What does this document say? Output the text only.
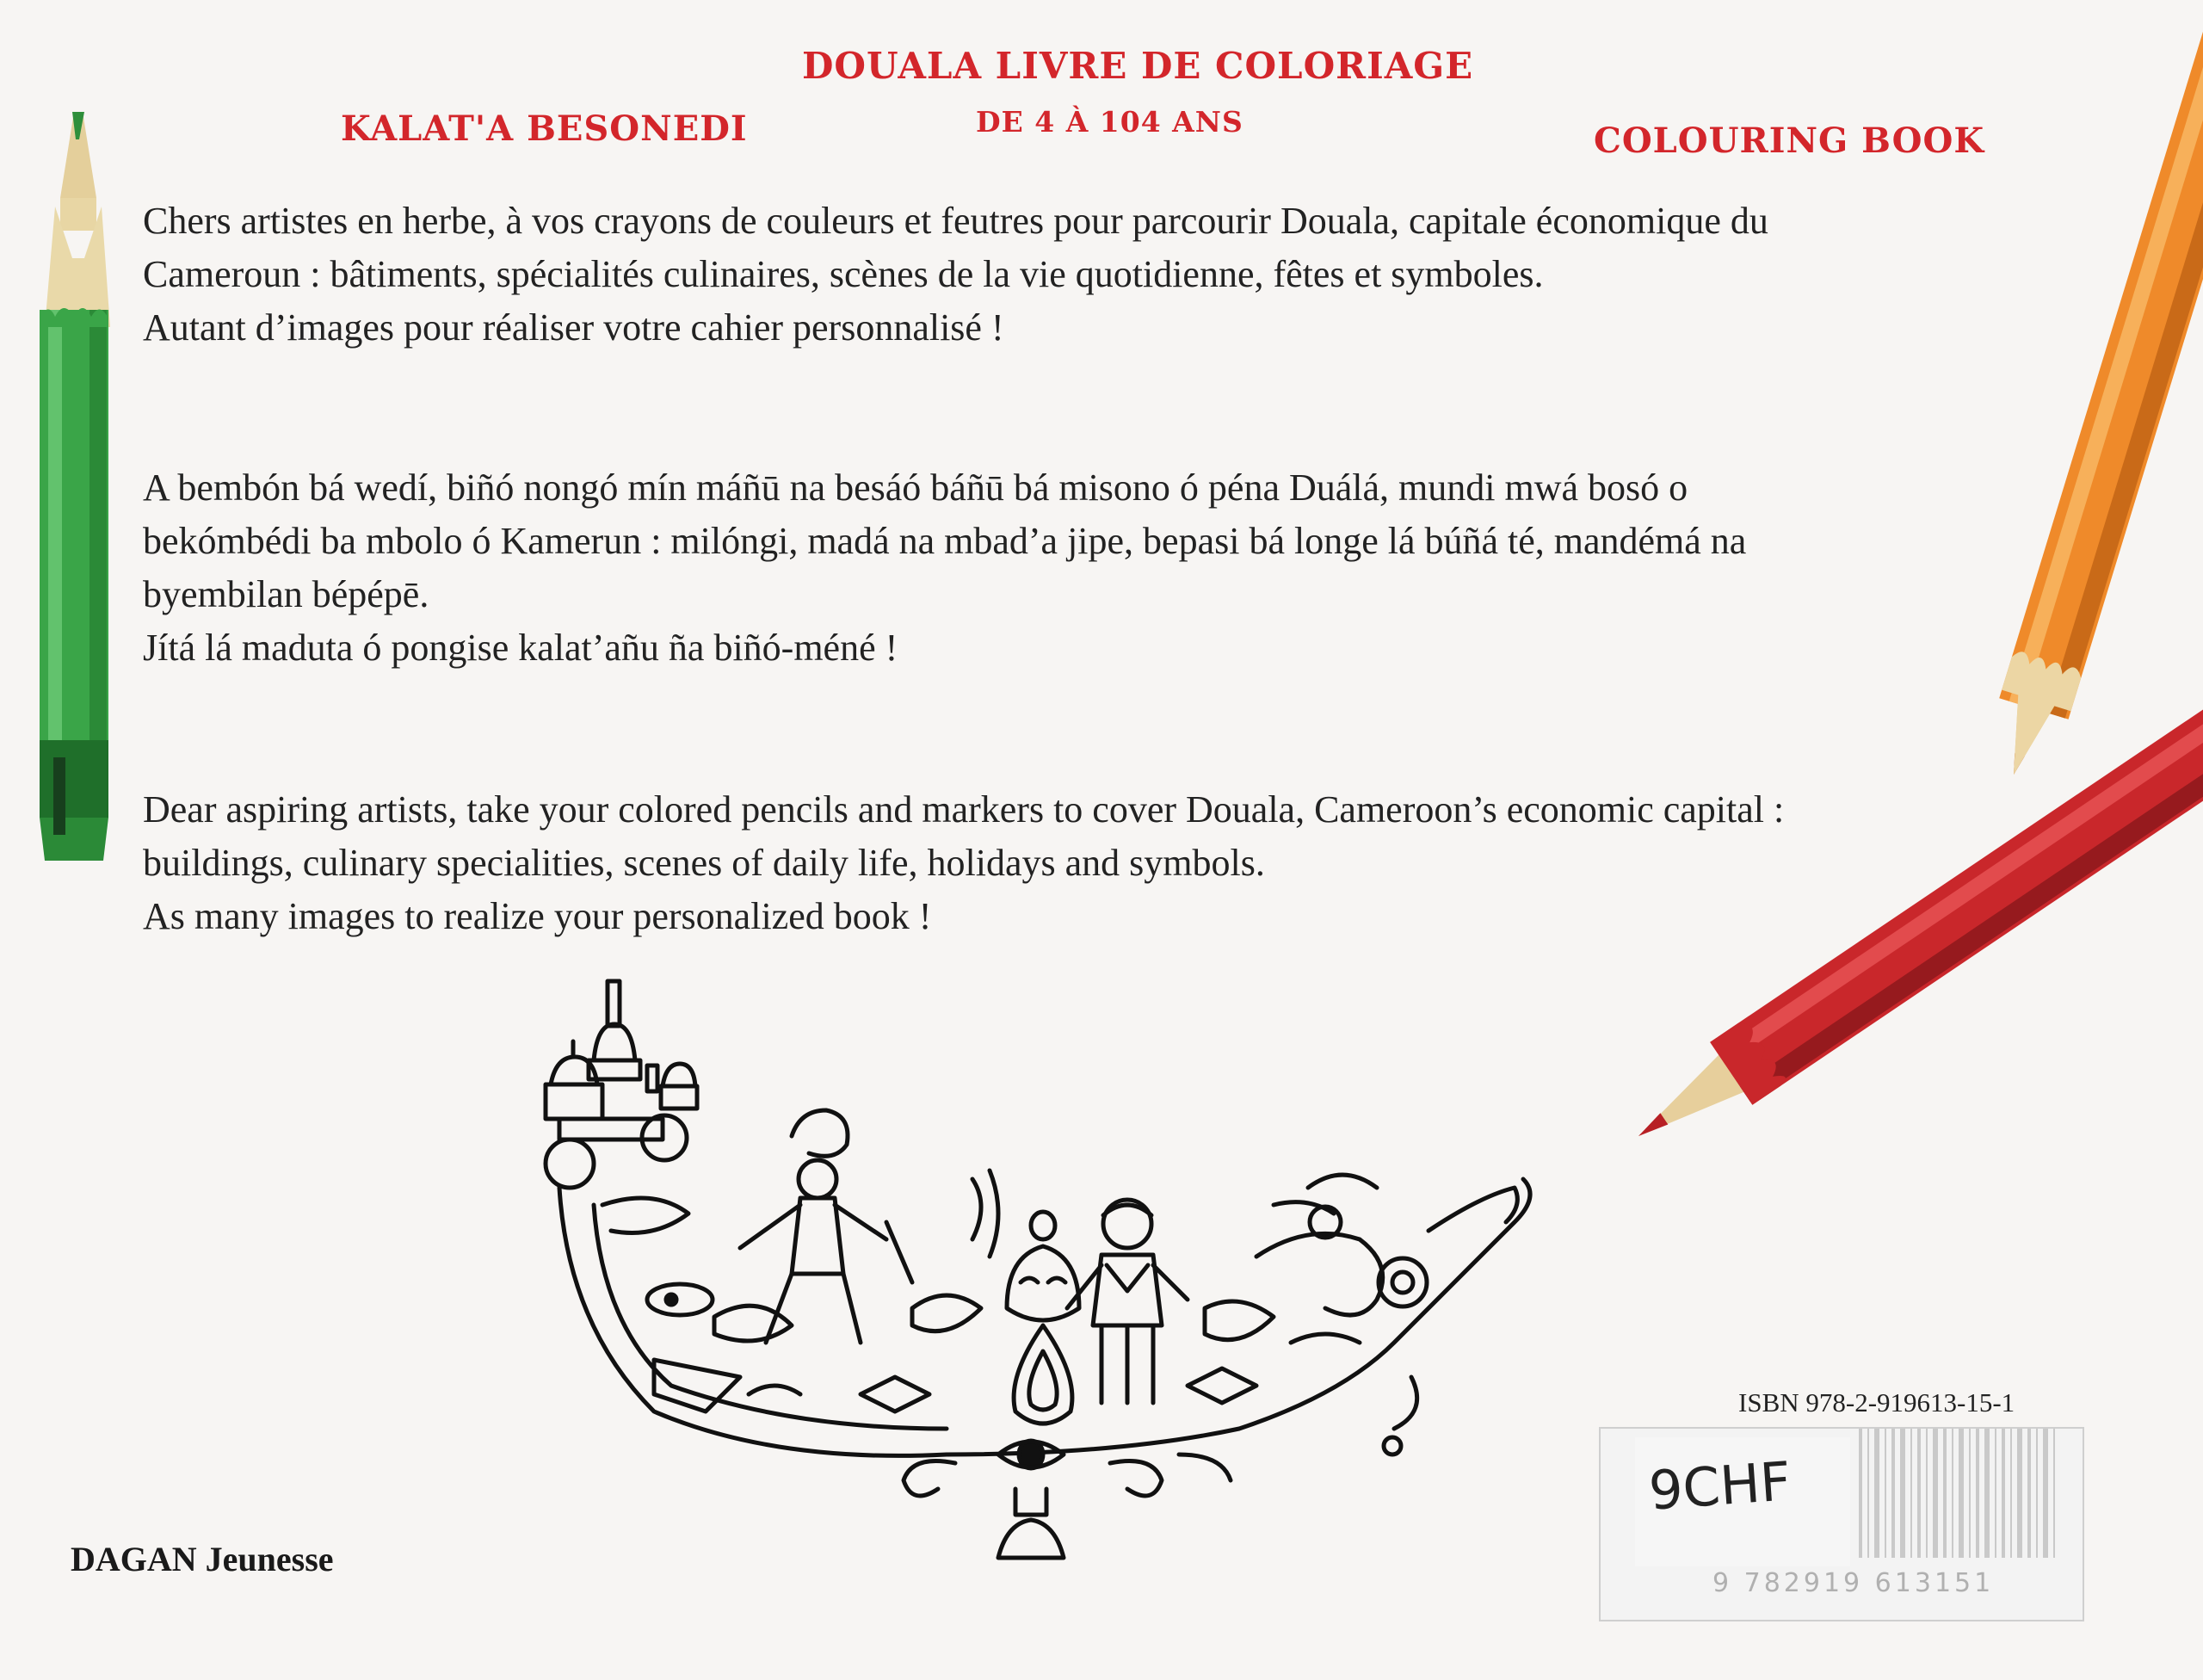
DOUALA LIVRE DE COLORIAGE
DE 4 À 104 ANS
KALAT'A BESONEDI	COLOURING BOOK

Chers artistes en herbe, à vos crayons de couleurs et feutres pour parcourir Douala, capitale économique du

Cameroun : bâtiments, spécialités culinaires, scènes de la vie quotidienne, fêtes et symboles.

Autant d’images pour réaliser votre cahier personnalisé !

A bembón bá wedí, biñó nongó mín máñū na besáó báñū bá misono ó péna Duálá, mundi mwá bosó o

bekómbédi ba mbolo ó Kamerun : milóngi, madá na mbad’a jipe, bepasi bá longe lá búñá té, mandémá na

byembilan bépépē.

Jítá lá maduta ó pongise kalat’añu ña biñó-méné !

Dear aspiring artists, take your colored pencils and markers to cover Douala, Cameroon’s economic capital :

buildings, culinary specialities, scenes of daily life, holidays and symbols.

As many images to realize your personalized book !

DAGAN Jeunesse
ISBN 978-2-919613-15-1
9CHF
9 782919 613151
